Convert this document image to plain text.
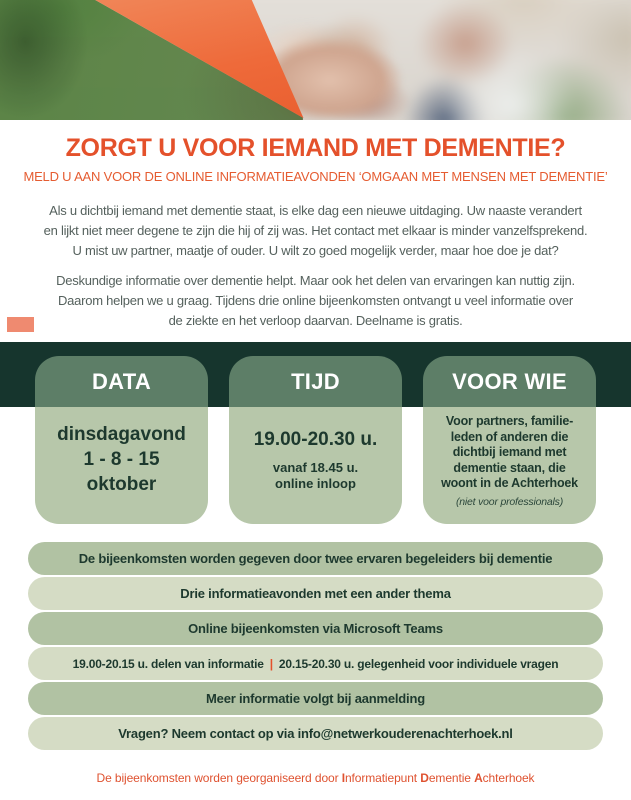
ZORGT U VOOR IEMAND MET DEMENTIE?
MELD U AAN VOOR DE ONLINE INFORMATIEAVONDEN ‘OMGAAN MET MENSEN MET DEMENTIE’
Als u dichtbij iemand met dementie staat, is elke dag een nieuwe uitdaging. Uw naaste verandert
en lijkt niet meer degene te zijn die hij of zij was. Het contact met elkaar is minder vanzelfsprekend.
U mist uw partner, maatje of ouder. U wilt zo goed mogelijk verder, maar hoe doe je dat?
Deskundige informatie over dementie helpt. Maar ook het delen van ervaringen kan nuttig zijn.
Daarom helpen we u graag. Tijdens drie online bijeenkomsten ontvangt u veel informatie over
de ziekte en het verloop daarvan. Deelname is gratis.
DATA
dinsdagavond
1 - 8 - 15
oktober
TIJD
19.00-20.30 u.
vanaf 18.45 u.
online inloop
VOOR WIE
Voor partners, familie-
leden of anderen die
dichtbij iemand met
dementie staan, die
woont in de Achterhoek
(niet voor professionals)
De bijeenkomsten worden gegeven door twee ervaren begeleiders bij dementie
Drie informatieavonden met een ander thema
Online bijeenkomsten via Microsoft Teams
19.00-20.15 u. delen van informatie | 20.15-20.30 u. gelegenheid voor individuele vragen
Meer informatie volgt bij aanmelding
Vragen? Neem contact op via info@netwerkouderenachterhoek.nl
De bijeenkomsten worden georganiseerd door Informatiepunt Dementie Achterhoek
